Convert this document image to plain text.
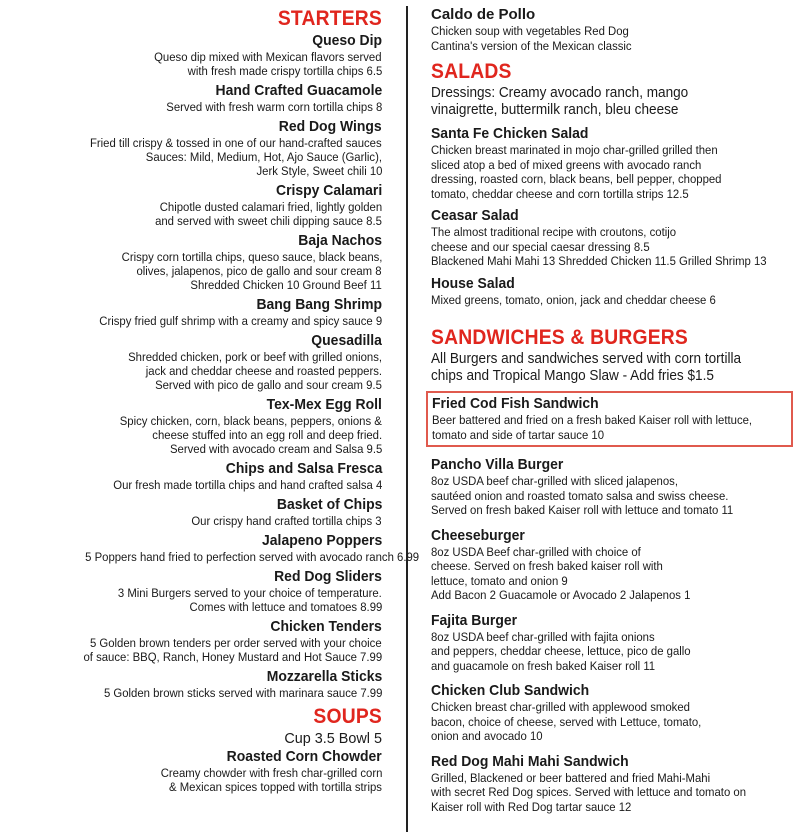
STARTERS
Queso Dip
Queso dip mixed with Mexican flavors served
with fresh made crispy tortilla chips 6.5
Hand Crafted Guacamole
Served with fresh warm corn tortilla chips 8
Red Dog Wings
Fried till crispy & tossed in one of our hand-crafted sauces
Sauces: Mild, Medium, Hot, Ajo Sauce (Garlic),
Jerk Style, Sweet chili 10
Crispy Calamari
Chipotle dusted calamari fried, lightly golden
and served with sweet chili dipping sauce 8.5
Baja Nachos
Crispy corn tortilla chips, queso sauce, black beans,
olives, jalapenos, pico de gallo and sour cream 8
Shredded Chicken 10 Ground Beef 11
Bang Bang Shrimp
Crispy fried gulf shrimp with a creamy and spicy sauce 9
Quesadilla
Shredded chicken, pork or beef with grilled onions,
jack and cheddar cheese and roasted peppers.
Served with pico de gallo and sour cream 9.5
Tex-Mex Egg Roll
Spicy chicken, corn, black beans, peppers, onions &
cheese stuffed into an egg roll and deep fried.
Served with avocado cream and Salsa 9.5
Chips and Salsa Fresca
Our fresh made tortilla chips and hand crafted salsa 4
Basket of Chips
Our crispy hand crafted tortilla chips 3
Jalapeno Poppers
5 Poppers hand fried to perfection served with avocado ranch 6.99
Red Dog Sliders
3 Mini Burgers served to your choice of temperature.
Comes with lettuce and tomatoes 8.99
Chicken Tenders
5 Golden brown tenders per order served with your choice
of sauce: BBQ, Ranch, Honey Mustard and Hot Sauce 7.99
Mozzarella Sticks
5 Golden brown sticks served with marinara sauce 7.99
SOUPS
Cup 3.5 Bowl 5
Roasted Corn Chowder
Creamy chowder with fresh char-grilled corn
& Mexican spices topped with tortilla strips
Caldo de Pollo
Chicken soup with vegetables Red Dog
Cantina's version of the Mexican classic
SALADS
Dressings: Creamy avocado ranch, mango
vinaigrette, buttermilk ranch, bleu cheese
Santa Fe Chicken Salad
Chicken breast marinated in mojo char-grilled grilled then
sliced atop a bed of mixed greens with avocado ranch
dressing, roasted corn, black beans, bell pepper, chopped
tomato, cheddar cheese and corn tortilla strips 12.5
Ceasar Salad
The almost traditional recipe with croutons, cotijo
cheese and our special caesar dressing 8.5
Blackened Mahi Mahi 13 Shredded Chicken 11.5 Grilled Shrimp 13
House Salad
Mixed greens, tomato, onion, jack and cheddar cheese 6
SANDWICHES & BURGERS
All Burgers and sandwiches served with corn tortilla
chips and Tropical Mango Slaw - Add fries $1.5
Fried Cod Fish Sandwich
Beer battered and fried on a fresh baked Kaiser roll with lettuce,
tomato and side of tartar sauce 10
Pancho Villa Burger
8oz USDA beef char-grilled with sliced jalapenos,
sautéed onion and roasted tomato salsa and swiss cheese.
Served on fresh baked Kaiser roll with lettuce and tomato 11
Cheeseburger
8oz USDA Beef char-grilled with choice of
cheese. Served on fresh baked kaiser roll with
lettuce, tomato and onion 9
Add Bacon 2 Guacamole or Avocado 2 Jalapenos 1
Fajita Burger
8oz USDA beef char-grilled with fajita onions
and peppers, cheddar cheese, lettuce, pico de gallo
and guacamole on fresh baked Kaiser roll 11
Chicken Club Sandwich
Chicken breast char-grilled with applewood smoked
bacon, choice of cheese, served with Lettuce, tomato,
onion and avocado 10
Red Dog Mahi Mahi Sandwich
Grilled, Blackened or beer battered and fried Mahi-Mahi
with secret Red Dog spices. Served with lettuce and tomato on
Kaiser roll with Red Dog tartar sauce 12
